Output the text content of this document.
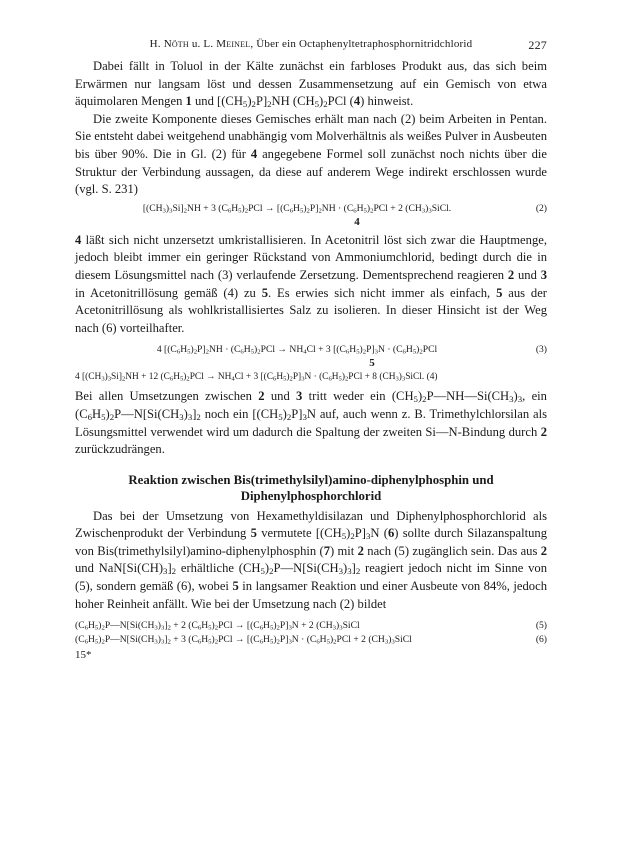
H. Nöth u. L. Meinel, Über ein Octaphenyltetraphosphornitridchlorid	227

Dabei fällt in Toluol in der Kälte zunächst ein farbloses Produkt aus, das sich beim Erwärmen nur langsam löst und dessen Zusammensetzung auf ein Gemisch von etwa äquimolaren Mengen 1 und $[(CH_5)_2P]_2NH$ $(CH_5)_2PCl$ (4) hinweist.

Die zweite Komponente dieses Gemisches erhält man nach (2) beim Arbeiten in Pentan. Sie entsteht dabei weitgehend unabhängig vom Molverhältnis als weißes Pulver in Ausbeuten bis über 90%. Die in Gl. (2) für 4 angegebene Formel soll zunächst noch nichts über die Struktur der Verbindung aussagen, da diese auf anderem Wege indirekt erschlossen wurde (vgl. S. 231)

$[(CH_3)_3Si]_2NH + 3$ $(C_6H_5)_2PCl \to [(C_6H_5)_2P]_2NH \cdot (C_6H_5)_2PCl + 2$ $(CH_3)_3SiCl$.	(2)
4

4 läßt sich nicht unzersetzt umkristallisieren. In Acetonitril löst sich zwar die Hauptmenge, jedoch bleibt immer ein geringer Rückstand von Ammoniumchlorid, bedingt durch die in diesem Lösungsmittel nach (3) verlaufende Zersetzung. Dementsprechend reagieren 2 und 3 in Acetonitrillösung gemäß (4) zu 5. Es erwies sich nicht immer als einfach, 5 aus der Acetonitrillösung als wohlkristallisiertes Salz zu isolieren. In dieser Hinsicht ist der Weg nach (6) vorteilhafter.

4 $[(C_6H_5)_2P]_2NH \cdot (C_6H_5)_2PCl \to NH_4Cl + 3$ $[(C_6H_5)_2P]_3N \cdot (C_6H_5)_2PCl$	(3)
5
4 $[(CH_3)_3Si]_2NH + 12$ $(C_6H_5)_2PCl \to NH_4Cl + 3$ $[(C_6H_5)_2P]_3N \cdot (C_6H_5)_2PCl + 8$ $(CH_3)_3SiCl$. (4)

Bei allen Umsetzungen zwischen 2 und 3 tritt weder ein $(CH_5)_2P—NH—Si(CH_3)_3$, ein $(C_6H_5)_2P—N[Si(CH_3)_3]_2$ noch ein $[(CH_5)_2P]_3N$ auf, auch wenn z. B. Trimethylchlorsilan als Lösungsmittel verwendet wird um dadurch die Spaltung der zweiten Si—N-Bindung durch 2 zurückzudrängen.

Reaktion zwischen Bis(trimethylsilyl)amino-diphenylphosphin und Diphenylphosphorchlorid

Das bei der Umsetzung von Hexamethyldisilazan und Diphenylphosphorchlorid als Zwischenprodukt der Verbindung 5 vermutete $[(CH_5)_2P]_3N$ (6) sollte durch Silazanspaltung von Bis(trimethylsilyl)amino-diphenylphosphin (7) mit 2 nach (5) zugänglich sein. Das aus 2 und $NaN[Si(CH)_3]_2$ erhältliche $(CH_5)_2P—N[Si(CH_3)_3]_2$ reagiert jedoch nicht im Sinne von (5), sondern gemäß (6), wobei 5 in langsamer Reaktion und einer Ausbeute von 84%, jedoch hoher Reinheit anfällt. Wie bei der Umsetzung nach (2) bildet

$(C_6H_5)_2P—N[Si(CH_3)_3]_2 + 2$ $(C_6H_5)_2PCl \to [(C_6H_5)_2P]_3N + 2$ $(CH_3)_3SiCl$	(5)
$(C_6H_5)_2P—N[Si(CH_3)_3]_2 + 3$ $(C_6H_5)_2PCl \to [(C_6H_5)_2P]_3N \cdot (C_6H_5)_2PCl + 2$ $(CH_3)_3SiCl$	(6)
15*
